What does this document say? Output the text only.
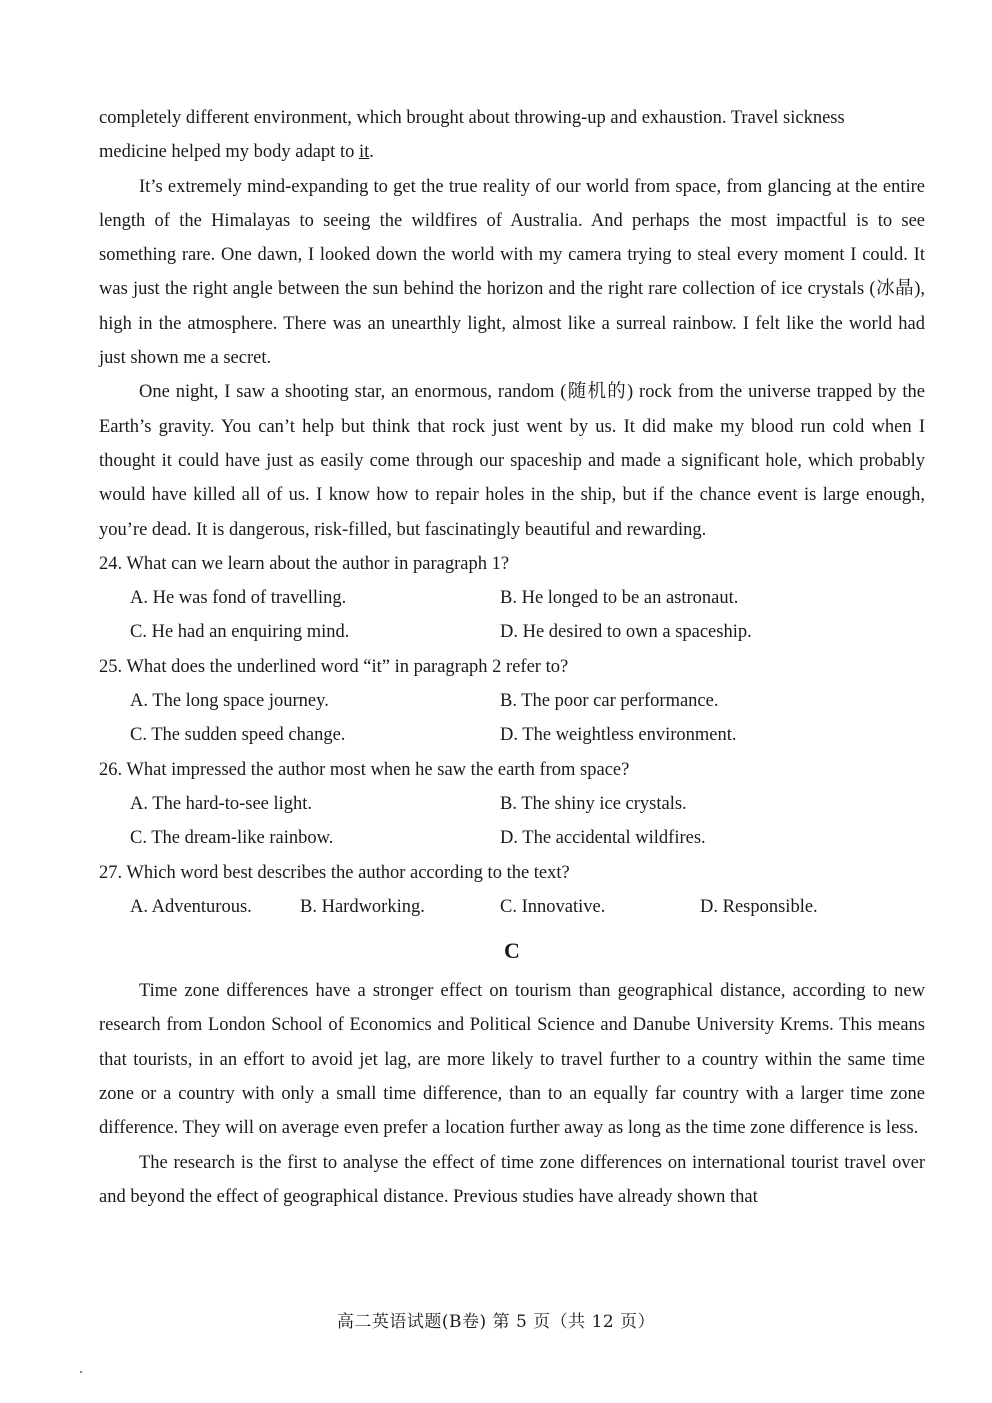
completely different environment, which brought about throwing-up and exhaustion. Travel sickness
medicine helped my body adapt to it.

It’s extremely mind-expanding to get the true reality of our world from space, from glancing at the entire length of the Himalayas to seeing the wildfires of Australia. And perhaps the most impactful is to see something rare. One dawn, I looked down the world with my camera trying to steal every moment I could. It was just the right angle between the sun behind the horizon and the right rare collection of ice crystals (冰晶), high in the atmosphere. There was an unearthly light, almost like a surreal rainbow. I felt like the world had just shown me a secret.

One night, I saw a shooting star, an enormous, random (随机的) rock from the universe trapped by the Earth’s gravity. You can’t help but think that rock just went by us. It did make my blood run cold when I thought it could have just as easily come through our spaceship and made a significant hole, which probably would have killed all of us. I know how to repair holes in the ship, but if the chance event is large enough, you’re dead. It is dangerous, risk-filled, but fascinatingly beautiful and rewarding.

24. What can we learn about the author in paragraph 1?

A. He was fond of travelling.	B. He longed to be an astronaut.
C. He had an enquiring mind.	D. He desired to own a spaceship.

25. What does the underlined word “it” in paragraph 2 refer to?

A. The long space journey.	B. The poor car performance.
C. The sudden speed change.	D. The weightless environment.

26. What impressed the author most when he saw the earth from space?

A. The hard-to-see light.	B. The shiny ice crystals.
C. The dream-like rainbow.	D. The accidental wildfires.

27. Which word best describes the author according to the text?

A. Adventurous.	B. Hardworking.	C. Innovative.	D. Responsible.
C

Time zone differences have a stronger effect on tourism than geographical distance, according to new research from London School of Economics and Political Science and Danube University Krems. This means that tourists, in an effort to avoid jet lag, are more likely to travel further to a country within the same time zone or a country with only a small time difference, than to an equally far country with a larger time zone difference. They will on average even prefer a location further away as long as the time zone difference is less.

The research is the first to analyse the effect of time zone differences on international tourist travel over and beyond the effect of geographical distance. Previous studies have already shown that

高二英语试题(B卷) 第 5 页（共 12 页）
